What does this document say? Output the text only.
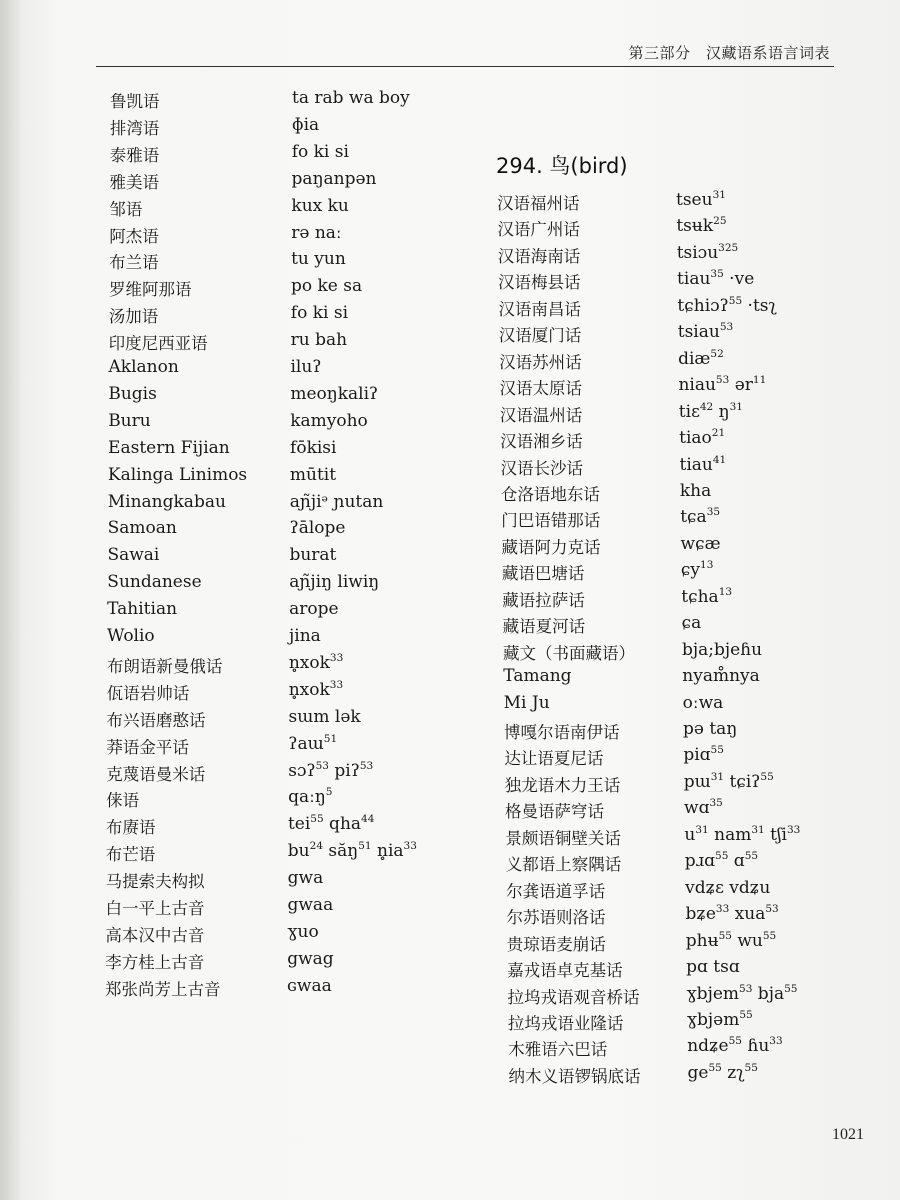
第三部分　汉藏语系语言词表
294. 鸟(bird)
鲁凯语	ta rab wa boy
排湾语	ɸia
泰雅语	fo ki si
雅美语	paŋanpən
邹语	kux ku
阿杰语	rə naː
布兰语	tu yun
罗维阿那语	po ke sa
汤加语	fo ki si
印度尼西亚语	ru bah
Aklanon	iluʔ
Bugis	meoŋkaliʔ
Buru	kamyoho
Eastern Fijian	fōkisi
Kalinga Linimos	mūtit
Minangkabau	aɲ̃jiᵊ ɲutan
Samoan	ʔālope
Sawai	burat
Sundanese	aɲ̃jiŋ liwiŋ
Tahitian	arope
Wolio	jina
布朗语新曼俄话	n̥xok$^{33}$
佤语岩帅话	n̥xok$^{33}$
布兴语磨憨话	sɯm lək
莽语金平话	ʔaɯ$^{51}$
克蔑语曼米话	sɔʔ$^{53}$ piʔ$^{53}$
俫语	qaːŋ$^5$
布赓语	tei$^{55}$ qha$^{44}$
布芒语	$bu^{24}$ săŋ$^{51}$ $n̥ia^{33}$
马提索夫构拟	gwa
白一平上古音	gwaa
高本汉中古音	ɣuo
李方桂上古音	gwag
郑张尚芳上古音	ɢwaa
汉语福州话	tseu$^{31}$
汉语广州话	tsʉk$^{25}$
汉语海南话	tsiɔu$^{325}$
汉语梅县话	tiau$^{35}$ ·ve
汉语南昌话	tɕhiɔʔ$^{55}$ ·tsʅ
汉语厦门话	tsiau$^{53}$
汉语苏州话	diæ$^{52}$
汉语太原话	niau$^{53}$ ər$^{11}$
汉语温州话	tiɛ$^{42}$ $ŋ^{31}$
汉语湘乡话	tiao$^{21}$
汉语长沙话	tiau$^{41}$
仓洛语地东话	kha
门巴语错那话	tɕa$^{35}$
藏语阿力克话	wɕæ
藏语巴塘话	ɕy$^{13}$
藏语拉萨话	tɕha$^{13}$
藏语夏河话	ɕa
藏文（书面藏语）	bja;bjeɦu
Tamang	nyam̊nya
Mi Ju	oːwa
博嘎尔语南伊话	pə taŋ
达让语夏尼话	piɑ$^{55}$
独龙语木力王话	pɯ$^{31}$ tɕiʔ$^{55}$
格曼语萨穹话	wɑ$^{35}$
景颇语铜壁关话	$u^{31}$ nam$^{31}$ tʃi$^{33}$
义都语上察隅话	pɹɑ$^{55}$ ɑ$^{55}$
尔龚语道孚话	vdʑɛ vdʑu
尔苏语则洛话	bʑe$^{33}$ xua$^{53}$
贵琼语麦崩话	phʉ$^{55}$ $wu^{55}$
嘉戎语卓克基话	pɑ tsɑ
拉坞戎语观音桥话	ɣbjem$^{53}$ bja$^{55}$
拉坞戎语业隆话	ɣbjəm$^{55}$
木雅语六巴话	ndʑe$^{55}$ ɦu$^{33}$
纳木义语锣锅底话	$ge^{55}$ zʅ$^{55}$
1021
